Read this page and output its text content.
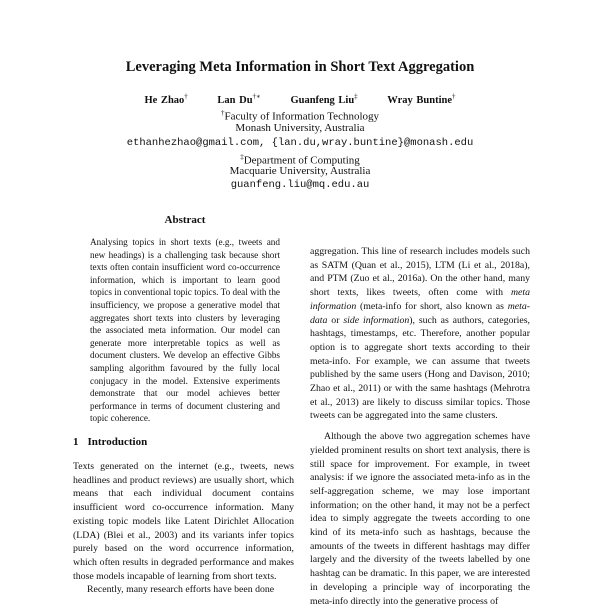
Leveraging Meta Information in Short Text Aggregation
He Zhao†	Lan Du†∗	Guanfeng Liu‡	Wray Buntine†
†Faculty of Information Technology
Monash University, Australia
ethanhezhao@gmail.com, {lan.du,wray.buntine}@monash.edu
‡Department of Computing
Macquarie University, Australia
guanfeng.liu@mq.edu.au
Abstract

Analysing topics in short texts (e.g., tweets and new headings) is a challenging task because short texts often contain insufficient word co-occurrence information, which is important to learn good topics in conventional topic topics. To deal with the insufficiency, we propose a generative model that aggregates short texts into clusters by leveraging the associated meta information. Our model can generate more interpretable topics as well as document clusters. We develop an effective Gibbs sampling algorithm favoured by the fully local conjugacy in the model. Extensive experiments demonstrate that our model achieves better performance in terms of document clustering and topic coherence.

1 Introduction

Texts generated on the internet (e.g., tweets, news headlines and product reviews) are usually short, which means that each individual document contains insufficient word co-occurrence information. Many existing topic models like Latent Dirichlet Allocation (LDA) (Blei et al., 2003) and its variants infer topics purely based on the word occurrence information, which often results in degraded performance and makes those models incapable of learning from short texts.

Recently, many research efforts have been done

aggregation. This line of research includes models such as SATM (Quan et al., 2015), LTM (Li et al., 2018a), and PTM (Zuo et al., 2016a). On the other hand, many short texts, likes tweets, often come with meta information (meta-info for short, also known as meta-data or side information), such as authors, categories, hashtags, timestamps, etc. Therefore, another popular option is to aggregate short texts according to their meta-info. For example, we can assume that tweets published by the same users (Hong and Davison, 2010; Zhao et al., 2011) or with the same hashtags (Mehrotra et al., 2013) are likely to discuss similar topics. Those tweets can be aggregated into the same clusters.

Although the above two aggregation schemes have yielded prominent results on short text analysis, there is still space for improvement. For example, in tweet analysis: if we ignore the associated meta-info as in the self-aggregation scheme, we may lose important information; on the other hand, it may not be a perfect idea to simply aggregate the tweets according to one kind of its meta-info such as hashtags, because the amounts of the tweets in different hashtags may differ largely and the diversity of the tweets labelled by one hashtag can be dramatic. In this paper, we are interested in developing a principle way of incorporating the meta-info directly into the generative process of
